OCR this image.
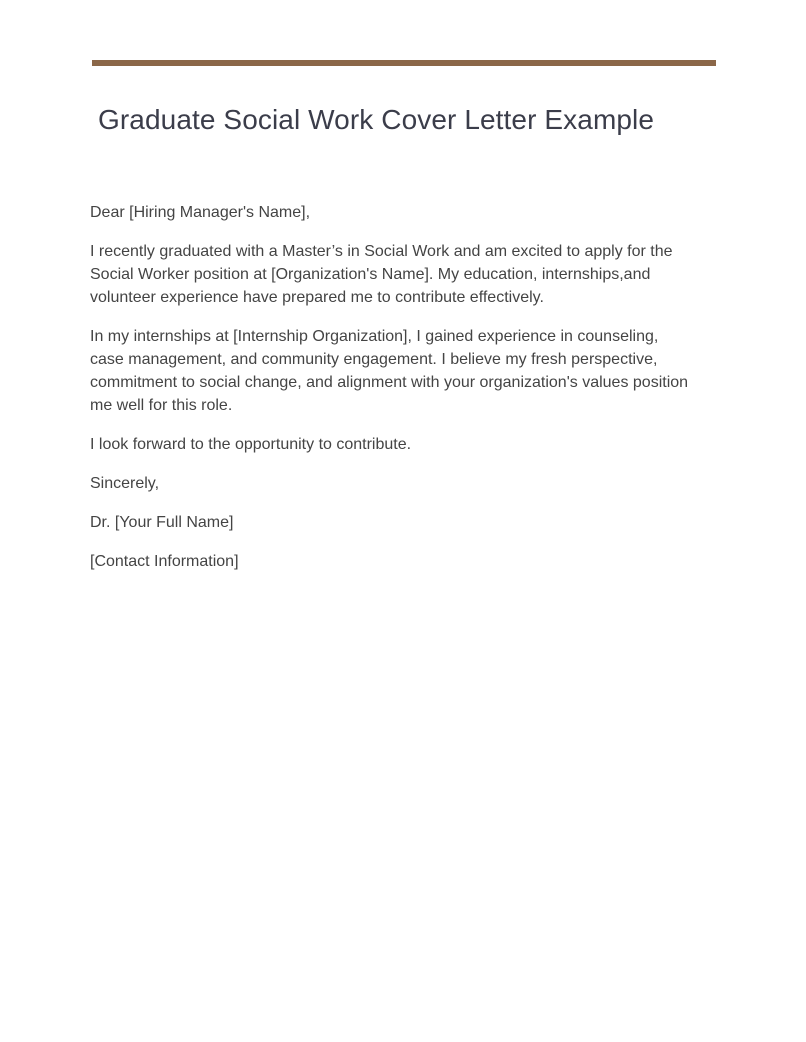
Graduate Social Work Cover Letter Example

Dear [Hiring Manager's Name],

I recently graduated with a Master’s in Social Work and am excited to apply for the Social Worker position at [Organization's Name]. My education, internships,and volunteer experience have prepared me to contribute effectively.

In my internships at [Internship Organization], I gained experience in counseling, case management, and community engagement. I believe my fresh perspective, commitment to social change, and alignment with your organization's values position me well for this role.

I look forward to the opportunity to contribute.

Sincerely,

Dr. [Your Full Name]

[Contact Information]
